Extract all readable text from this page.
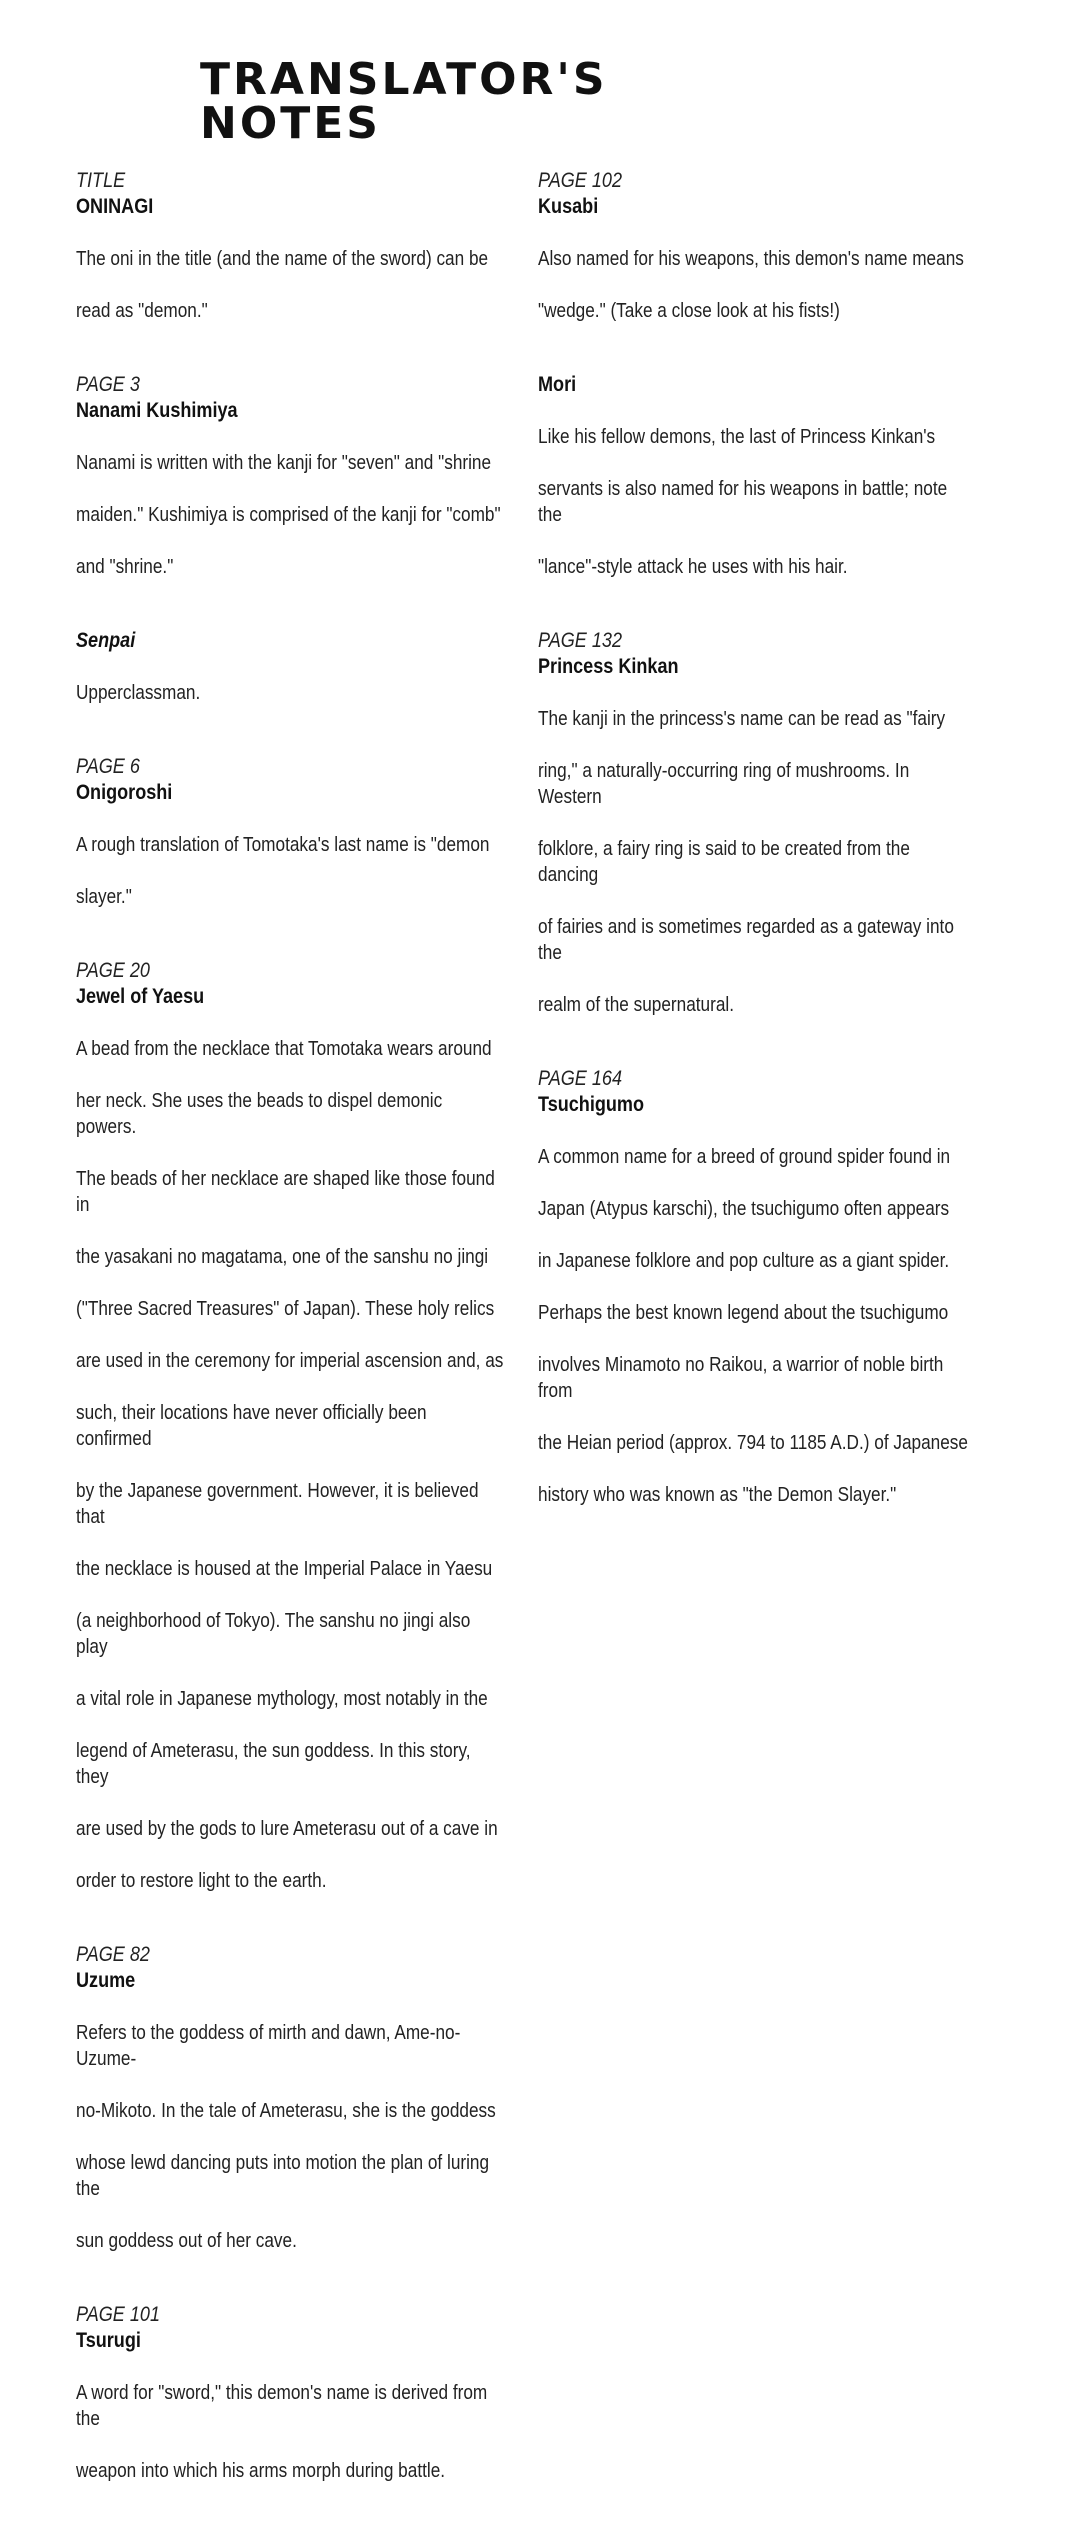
TRANSLATOR'S NOTES
TITLE
ONINAGI

The oni in the title (and the name of the sword) can be

read as "demon."

PAGE 3
Nanami Kushimiya

Nanami is written with the kanji for "seven" and "shrine

maiden." Kushimiya is comprised of the kanji for "comb"

and "shrine."

Senpai

Upperclassman.

PAGE 6
Onigoroshi

A rough translation of Tomotaka's last name is "demon

slayer."

PAGE 20
Jewel of Yaesu

A bead from the necklace that Tomotaka wears around

her neck. She uses the beads to dispel demonic powers.

The beads of her necklace are shaped like those found in

the yasakani no magatama, one of the sanshu no jingi

("Three Sacred Treasures" of Japan). These holy relics

are used in the ceremony for imperial ascension and, as

such, their locations have never officially been confirmed

by the Japanese government. However, it is believed that

the necklace is housed at the Imperial Palace in Yaesu

(a neighborhood of Tokyo). The sanshu no jingi also play

a vital role in Japanese mythology, most notably in the

legend of Ameterasu, the sun goddess. In this story, they

are used by the gods to lure Ameterasu out of a cave in

order to restore light to the earth.

PAGE 82
Uzume

Refers to the goddess of mirth and dawn, Ame-no-Uzume-

no-Mikoto. In the tale of Ameterasu, she is the goddess

whose lewd dancing puts into motion the plan of luring the

sun goddess out of her cave.

PAGE 101
Tsurugi

A word for "sword," this demon's name is derived from the

weapon into which his arms morph during battle.

PAGE 102
Kusabi

Also named for his weapons, this demon's name means

"wedge." (Take a close look at his fists!)

Mori

Like his fellow demons, the last of Princess Kinkan's

servants is also named for his weapons in battle; note the

"lance"-style attack he uses with his hair.

PAGE 132
Princess Kinkan

The kanji in the princess's name can be read as "fairy

ring," a naturally-occurring ring of mushrooms. In Western

folklore, a fairy ring is said to be created from the dancing

of fairies and is sometimes regarded as a gateway into the

realm of the supernatural.

PAGE 164
Tsuchigumo

A common name for a breed of ground spider found in

Japan (Atypus karschi), the tsuchigumo often appears

in Japanese folklore and pop culture as a giant spider.

Perhaps the best known legend about the tsuchigumo

involves Minamoto no Raikou, a warrior of noble birth from

the Heian period (approx. 794 to 1185 A.D.) of Japanese

history who was known as "the Demon Slayer."
